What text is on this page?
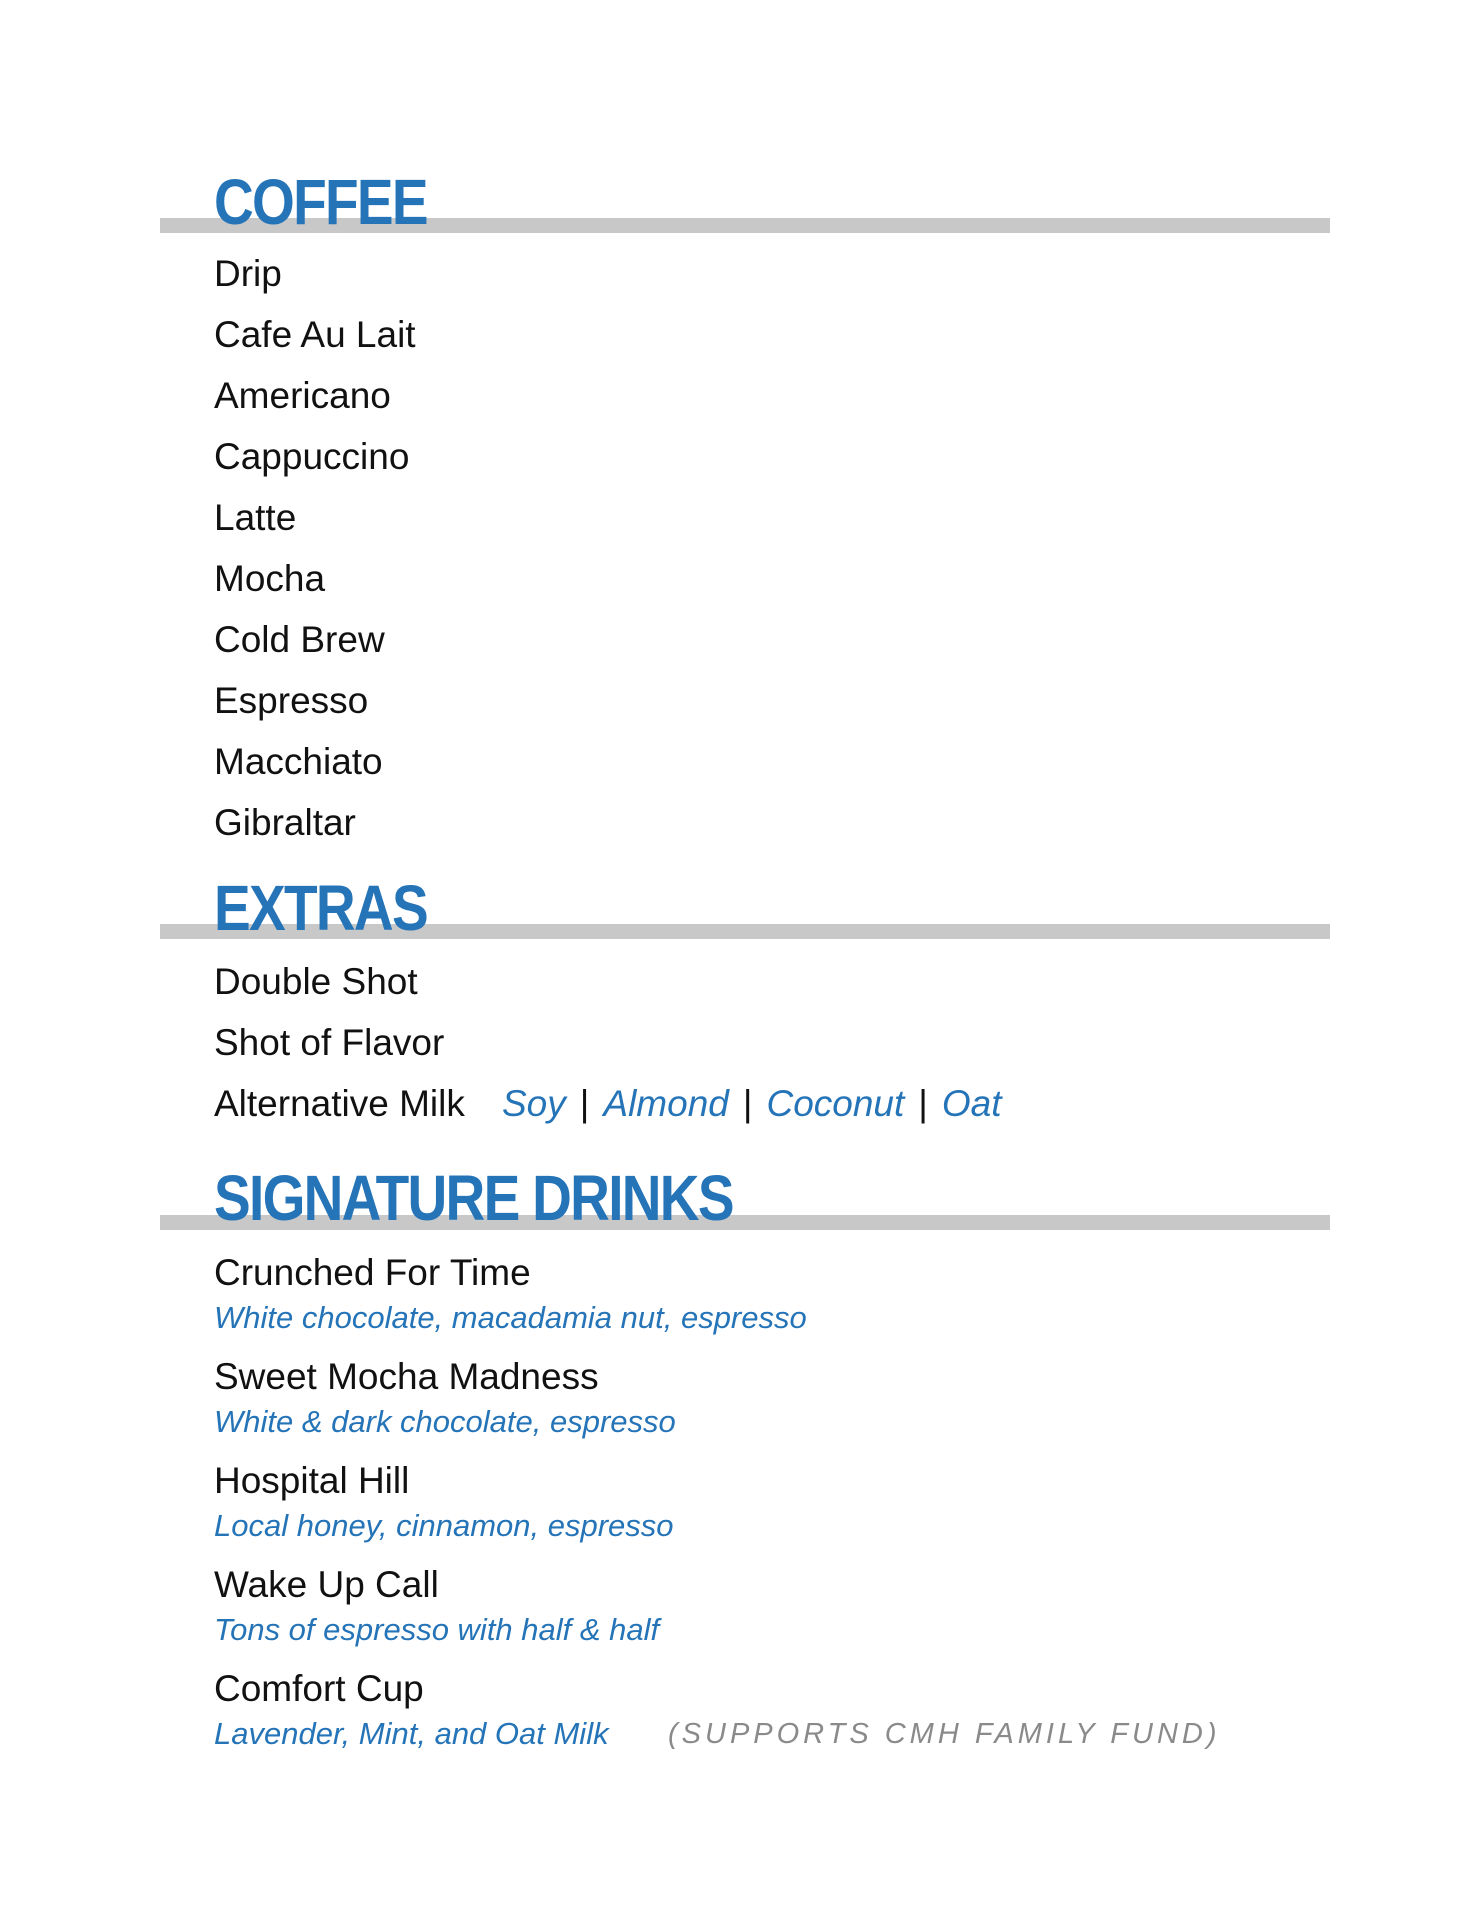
COFFEE
Drip
Cafe Au Lait
Americano
Cappuccino
Latte
Mocha
Cold Brew
Espresso
Macchiato
Gibraltar
EXTRAS
Double Shot
Shot of Flavor
Alternative Milk Soy | Almond | Coconut | Oat
SIGNATURE DRINKS
Crunched For Time
White chocolate, macadamia nut, espresso
Sweet Mocha Madness
White & dark chocolate, espresso
Hospital Hill
Local honey, cinnamon, espresso
Wake Up Call
Tons of espresso with half & half
Comfort Cup
Lavender, Mint, and Oat Milk (SUPPORTS CMH FAMILY FUND)
